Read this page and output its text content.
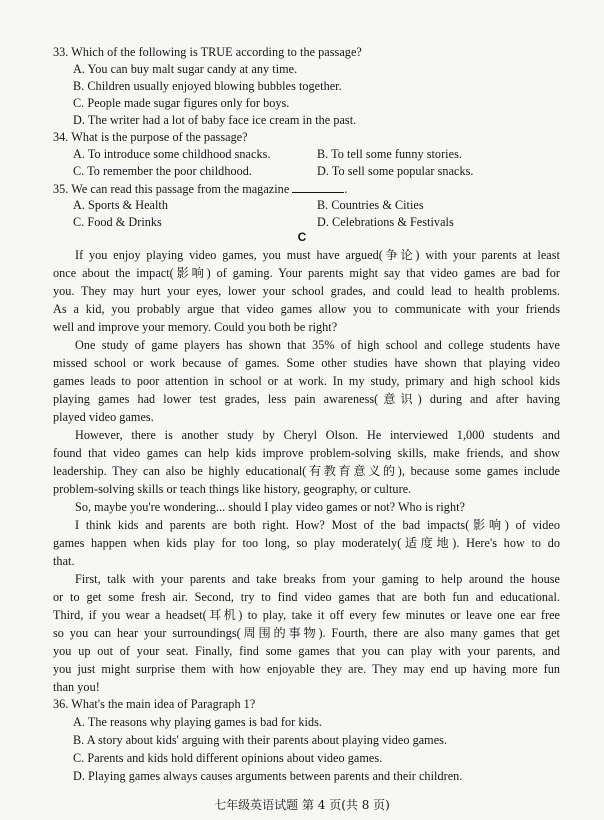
33. Which of the following is TRUE according to the passage?
A. You can buy malt sugar candy at any time.
B. Children usually enjoyed blowing bubbles together.
C. People made sugar figures only for boys.
D. The writer had a lot of baby face ice cream in the past.
34. What is the purpose of the passage?
A. To introduce some childhood snacks.	B. To tell some funny stories.
C. To remember the poor childhood.	D. To sell some popular snacks.
35. We can read this passage from the magazine	.
A. Sports & Health	B. Countries & Cities
C. Food & Drinks	D. Celebrations & Festivals
C
If you enjoy playing video games, you must have argued(争论) with your parents at least
once about the impact(影响) of gaming. Your parents might say that video games are bad for
you. They may hurt your eyes, lower your school grades, and could lead to health problems.
As a kid, you probably argue that video games allow you to communicate with your friends
well and improve your memory. Could you both be right?
One study of game players has shown that 35% of high school and college students have
missed school or work because of games. Some other studies have shown that playing video
games leads to poor attention in school or at work. In my study, primary and high school kids
playing games had lower test grades, less pain awareness(意识) during and after having
played video games.
However, there is another study by Cheryl Olson. He interviewed 1,000 students and
found that video games can help kids improve problem-solving skills, make friends, and show
leadership. They can also be highly educational(有教育意义的), because some games include
problem-solving skills or teach things like history, geography, or culture.
So, maybe you're wondering... should I play video games or not? Who is right?
I think kids and parents are both right. How? Most of the bad impacts(影响) of video
games happen when kids play for too long, so play moderately(适度地). Here's how to do
that.
First, talk with your parents and take breaks from your gaming to help around the house
or to get some fresh air. Second, try to find video games that are both fun and educational.
Third, if you wear a headset(耳机) to play, take it off every few minutes or leave one ear free
so you can hear your surroundings(周围的事物). Fourth, there are also many games that get
you up out of your seat. Finally, find some games that you can play with your parents, and
you just might surprise them with how enjoyable they are. They may end up having more fun
than you!
36. What's the main idea of Paragraph 1?
A. The reasons why playing games is bad for kids.
B. A story about kids' arguing with their parents about playing video games.
C. Parents and kids hold different opinions about video games.
D. Playing games always causes arguments between parents and their children.
七年级英语试题 第 4 页(共 8 页)
